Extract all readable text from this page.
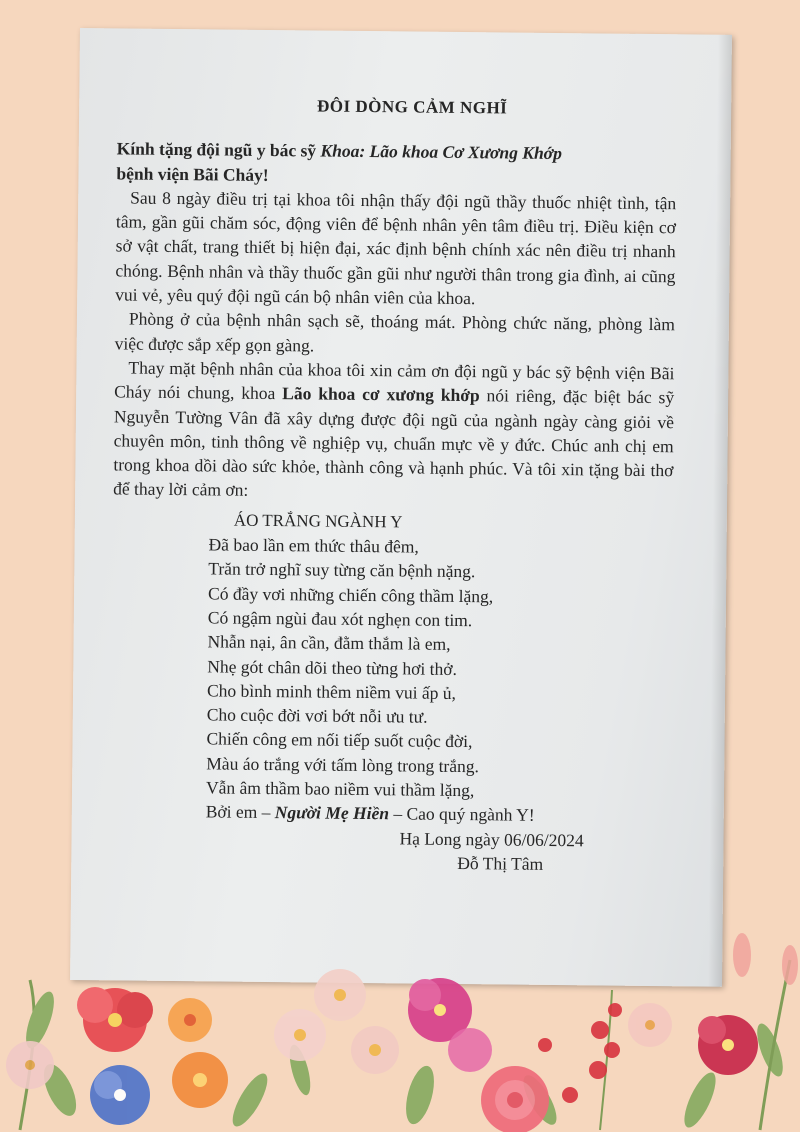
ĐÔI DÒNG CẢM NGHĨ

Kính tặng đội ngũ y bác sỹ Khoa: Lão khoa Cơ Xương Khớp
bệnh viện Bãi Cháy!

Sau 8 ngày điều trị tại khoa tôi nhận thấy đội ngũ thầy thuốc nhiệt tình, tận tâm, gần gũi chăm sóc, động viên để bệnh nhân yên tâm điều trị. Điều kiện cơ sở vật chất, trang thiết bị hiện đại, xác định bệnh chính xác nên điều trị nhanh chóng. Bệnh nhân và thầy thuốc gần gũi như người thân trong gia đình, ai cũng vui vẻ, yêu quý đội ngũ cán bộ nhân viên của khoa.

Phòng ở của bệnh nhân sạch sẽ, thoáng mát. Phòng chức năng, phòng làm việc được sắp xếp gọn gàng.

Thay mặt bệnh nhân của khoa tôi xin cảm ơn đội ngũ y bác sỹ bệnh viện Bãi Cháy nói chung, khoa Lão khoa cơ xương khớp nói riêng, đặc biệt bác sỹ Nguyễn Tường Vân đã xây dựng được đội ngũ của ngành ngày càng giỏi về chuyên môn, tinh thông về nghiệp vụ, chuẩn mực về y đức. Chúc anh chị em trong khoa dồi dào sức khỏe, thành công và hạnh phúc. Và tôi xin tặng bài thơ để thay lời cảm ơn:

ÁO TRẮNG NGÀNH Y
Đã bao lần em thức thâu đêm,
Trăn trở nghĩ suy từng căn bệnh nặng.
Có đầy vơi những chiến công thầm lặng,
Có ngậm ngùi đau xót nghẹn con tim.
Nhẫn nại, ân cần, đằm thắm là em,
Nhẹ gót chân dõi theo từng hơi thở.
Cho bình minh thêm niềm vui ấp ủ,
Cho cuộc đời vơi bớt nỗi ưu tư.
Chiến công em nối tiếp suốt cuộc đời,
Màu áo trắng với tấm lòng trong trắng.
Vẫn âm thầm bao niềm vui thầm lặng,
Bởi em – Người Mẹ Hiền – Cao quý ngành Y!
Hạ Long ngày 06/06/2024
Đỗ Thị Tâm
